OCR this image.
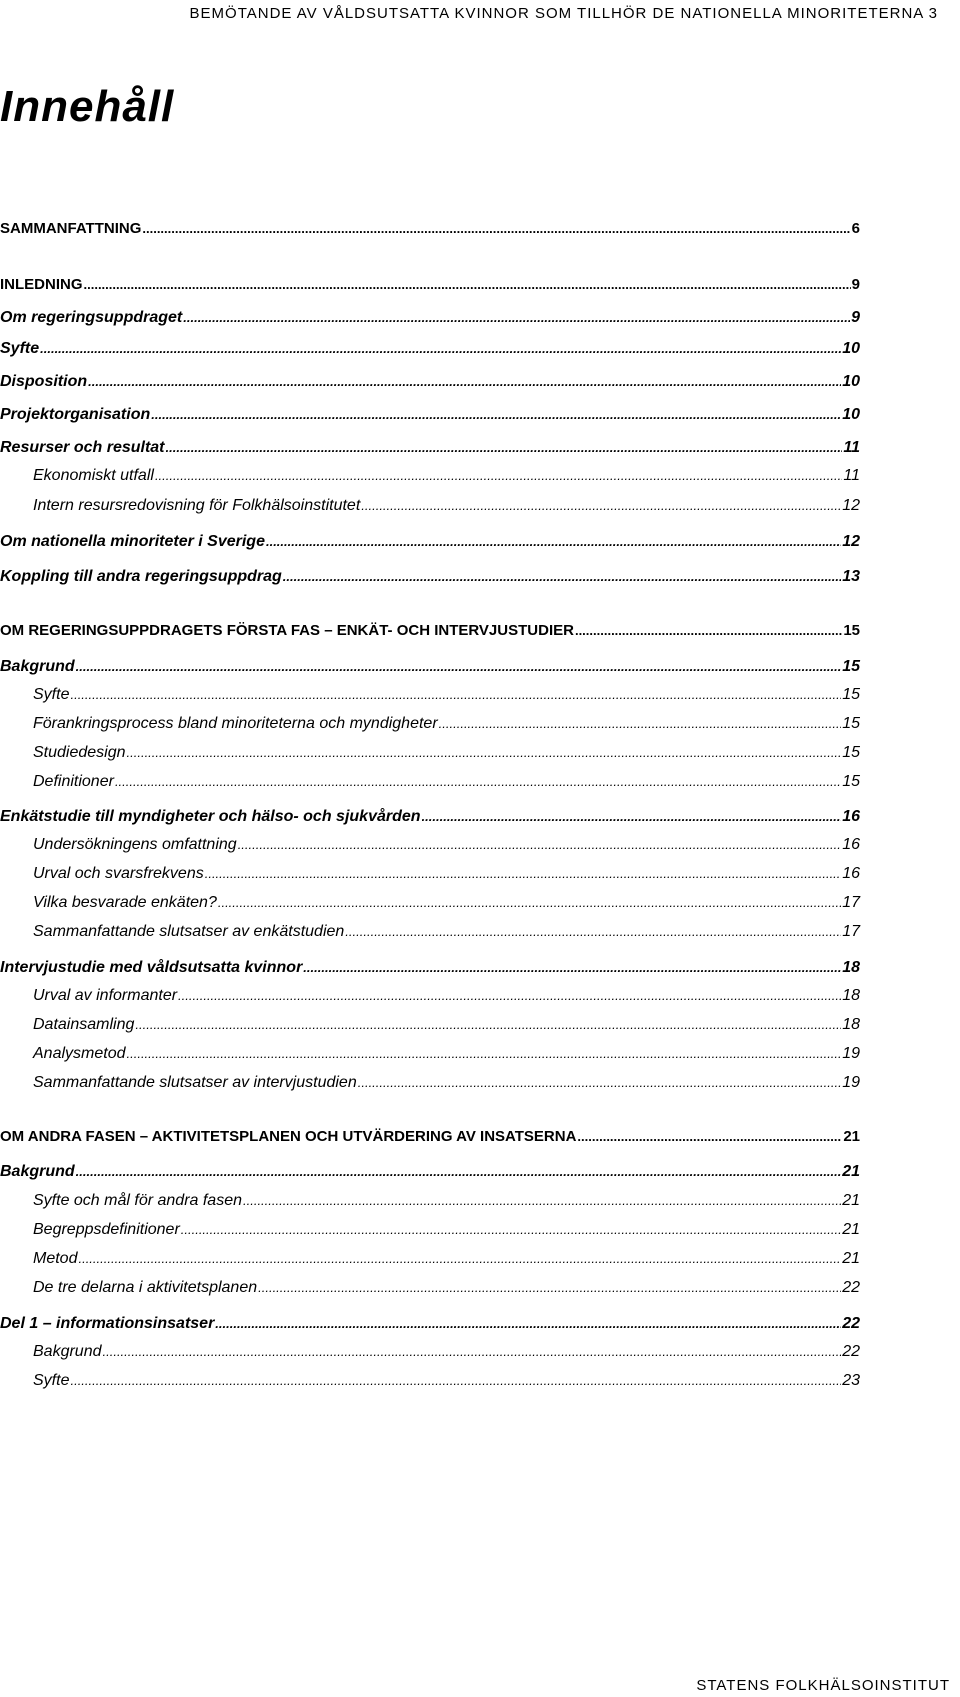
BEMÖTANDE AV VÅLDSUTSATTA KVINNOR SOM TILLHÖR DE NATIONELLA MINORITETERNA 3
Innehåll
SAMMANFATTNING .....	6
INLEDNING .....	9
Om regeringsuppdraget .....	9
Syfte .....	10
Disposition .....	10
Projektorganisation .....	10
Resurser och resultat .....	11
Ekonomiskt utfall .....	11
Intern resursredovisning för Folkhälsoinstitutet .....	12
Om nationella minoriteter i Sverige .....	12
Koppling till andra regeringsuppdrag .....	13
OM REGERINGSUPPDRAGETS FÖRSTA FAS – ENKÄT- OCH INTERVJUSTUDIER .....	15
Bakgrund .....	15
Syfte .....	15
Förankringsprocess bland minoriteterna och myndigheter .....	15
Studiedesign .....	15
Definitioner .....	15
Enkätstudie till myndigheter och hälso- och sjukvården .....	16
Undersökningens omfattning .....	16
Urval och svarsfrekvens .....	16
Vilka besvarade enkäten? .....	17
Sammanfattande slutsatser av enkätstudien .....	17
Intervjustudie med våldsutsatta kvinnor .....	18
Urval av informanter .....	18
Datainsamling .....	18
Analysmetod .....	19
Sammanfattande slutsatser av intervjustudien .....	19
OM ANDRA FASEN – AKTIVITETSPLANEN OCH UTVÄRDERING AV INSATSERNA .....	21
Bakgrund .....	21
Syfte och mål för andra fasen .....	21
Begreppsdefinitioner .....	21
Metod .....	21
De tre delarna i aktivitetsplanen .....	22
Del 1 – informationsinsatser .....	22
Bakgrund .....	22
Syfte .....	23
STATENS FOLKHÄLSOINSTITUT
